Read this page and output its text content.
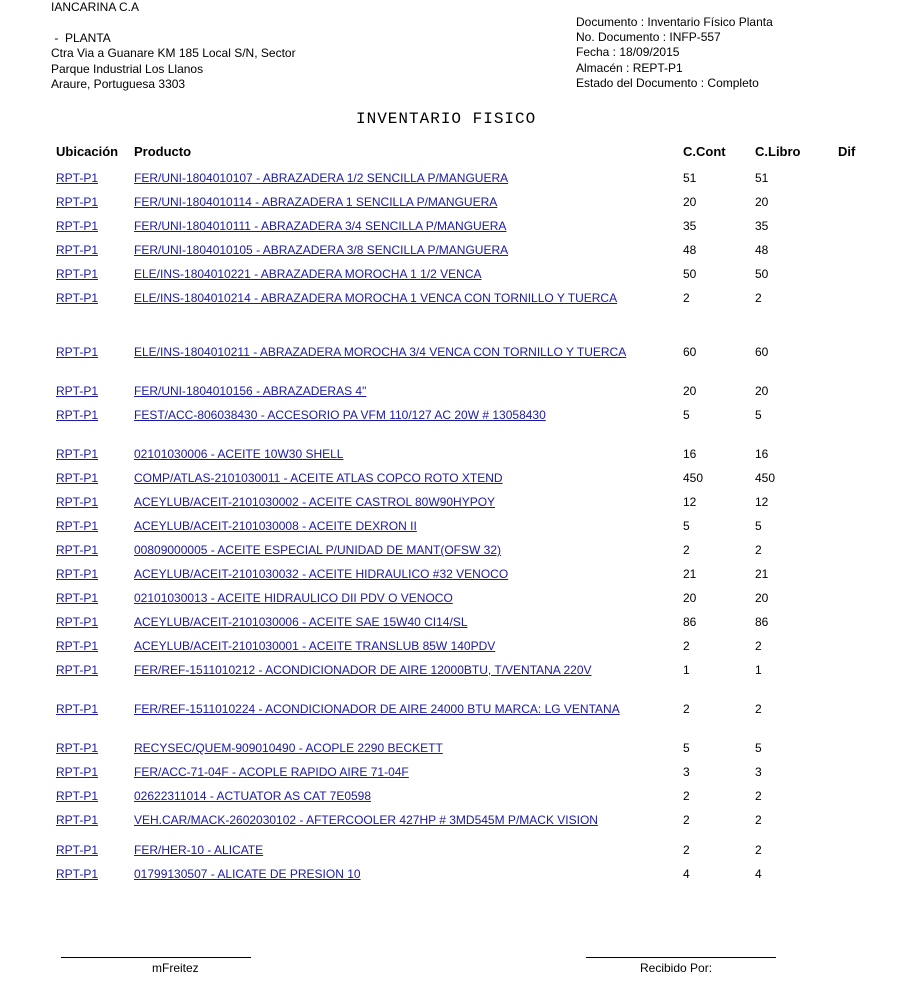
IANCARINA C.A
-  PLANTA
Ctra Via a Guanare KM 185 Local S/N, Sector
Parque Industrial Los Llanos
Araure, Portuguesa 3303
Documento : Inventario Físico Planta
No. Documento : INFP-557
Fecha : 18/09/2015
Almacén : REPT-P1
Estado del Documento : Completo
INVENTARIO FISICO
Ubicación Producto	C.Cont C.Libro	Dif
RPT-P1	FER/UNI-1804010107 - ABRAZADERA 1/2 SENCILLA P/MANGUERA	51	51
RPT-P1	FER/UNI-1804010114 - ABRAZADERA 1 SENCILLA P/MANGUERA	20	20
RPT-P1	FER/UNI-1804010111 - ABRAZADERA 3/4 SENCILLA P/MANGUERA	35	35
RPT-P1	FER/UNI-1804010105 - ABRAZADERA 3/8 SENCILLA P/MANGUERA	48	48
RPT-P1	ELE/INS-1804010221 - ABRAZADERA MOROCHA 1 1/2 VENCA	50	50
RPT-P1	ELE/INS-1804010214 - ABRAZADERA MOROCHA 1 VENCA CON TORNILLO Y TUERCA	2	2
RPT-P1	ELE/INS-1804010211 - ABRAZADERA MOROCHA 3/4 VENCA CON TORNILLO Y TUERCA	60	60
RPT-P1	FER/UNI-1804010156 - ABRAZADERAS 4"	20	20
RPT-P1	FEST/ACC-806038430 - ACCESORIO PA VFM 110/127 AC 20W # 13058430	5	5
RPT-P1	02101030006 - ACEITE 10W30 SHELL	16	16
RPT-P1	COMP/ATLAS-2101030011 - ACEITE ATLAS COPCO ROTO XTEND	450	450
RPT-P1	ACEYLUB/ACEIT-2101030002 - ACEITE CASTROL 80W90HYPOY	12	12
RPT-P1	ACEYLUB/ACEIT-2101030008 - ACEITE DEXRON II	5	5
RPT-P1	00809000005 - ACEITE ESPECIAL P/UNIDAD DE MANT(OFSW 32)	2	2
RPT-P1	ACEYLUB/ACEIT-2101030032 - ACEITE HIDRAULICO #32 VENOCO	21	21
RPT-P1	02101030013 - ACEITE HIDRAULICO DII PDV O VENOCO	20	20
RPT-P1	ACEYLUB/ACEIT-2101030006 - ACEITE SAE 15W40 CI14/SL	86	86
RPT-P1	ACEYLUB/ACEIT-2101030001 - ACEITE TRANSLUB 85W 140PDV	2	2
RPT-P1	FER/REF-1511010212 - ACONDICIONADOR DE AIRE 12000BTU, T/VENTANA 220V	1	1
RPT-P1	FER/REF-1511010224 - ACONDICIONADOR DE AIRE 24000 BTU MARCA: LG VENTANA	2	2
RPT-P1	RECYSEC/QUEM-909010490 - ACOPLE 2290 BECKETT	5	5
RPT-P1	FER/ACC-71-04F - ACOPLE RAPIDO AIRE 71-04F	3	3
RPT-P1	02622311014 - ACTUATOR AS CAT 7E0598	2	2
RPT-P1	VEH.CAR/MACK-2602030102 - AFTERCOOLER 427HP # 3MD545M P/MACK VISION	2	2
RPT-P1	FER/HER-10 - ALICATE	2	2
RPT-P1	01799130507 - ALICATE DE PRESION 10	4	4
mFreitez	Recibido Por:
